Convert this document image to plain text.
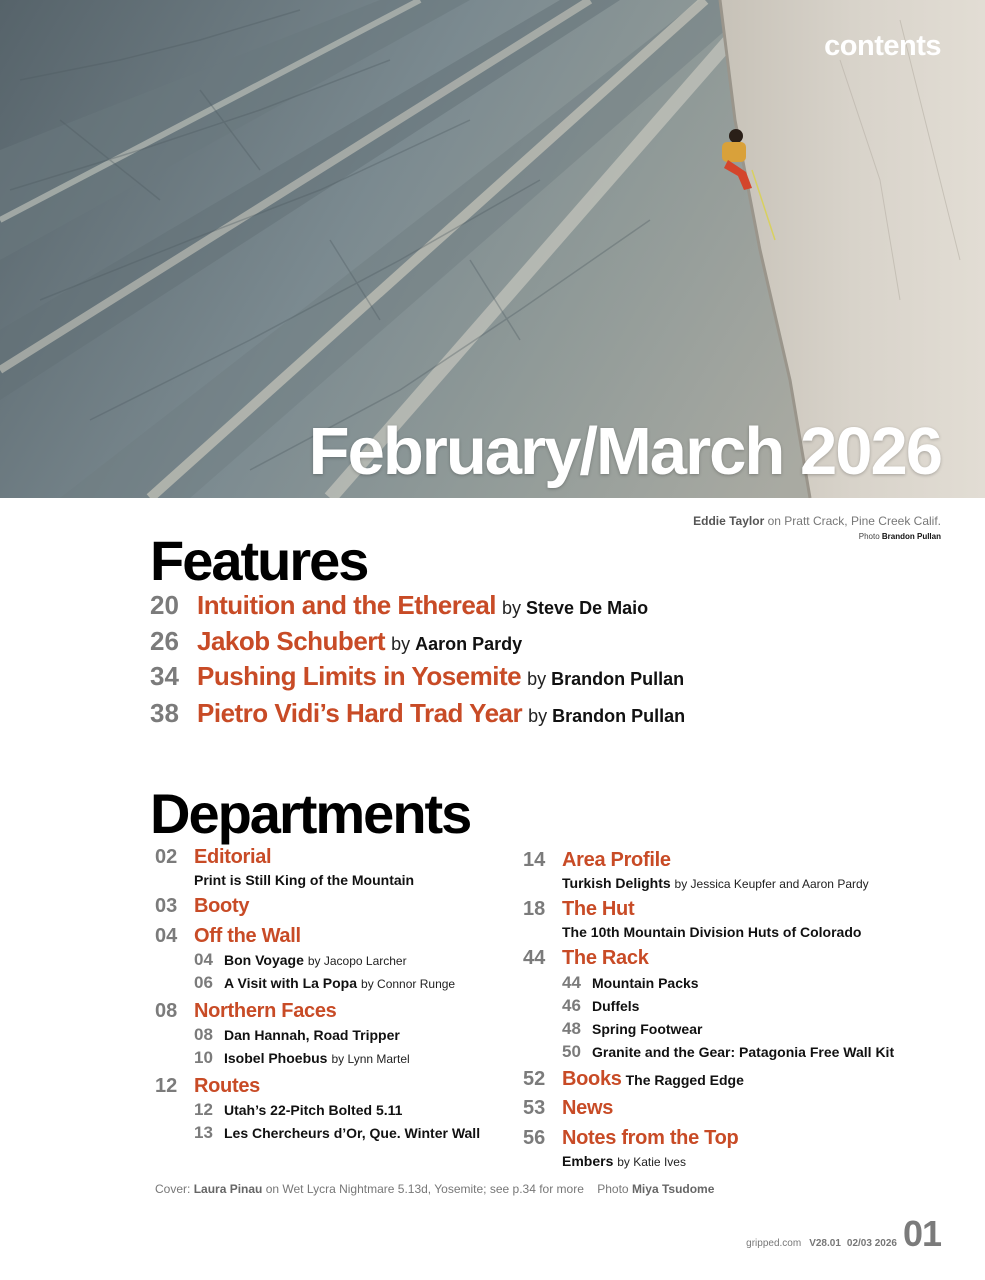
contents
February/March 2026
Eddie Taylor on Pratt Crack, Pine Creek Calif.
Photo Brandon Pullan
Features
20 Intuition and the Ethereal by Steve De Maio
26 Jakob Schubert by Aaron Pardy
34 Pushing Limits in Yosemite by Brandon Pullan
38 Pietro Vidi’s Hard Trad Year by Brandon Pullan
Departments
02 Editorial
Print is Still King of the Mountain
03 Booty
04 Off the Wall
04 Bon Voyage by Jacopo Larcher
06 A Visit with La Popa by Connor Runge
08 Northern Faces
08 Dan Hannah, Road Tripper
10 Isobel Phoebus by Lynn Martel
12 Routes
12 Utah’s 22-Pitch Bolted 5.11
13 Les Chercheurs d’Or, Que. Winter Wall
14 Area Profile
Turkish Delights by Jessica Keupfer and Aaron Pardy
18 The Hut
The 10th Mountain Division Huts of Colorado
44 The Rack
44 Mountain Packs
46 Duffels
48 Spring Footwear
50 Granite and the Gear: Patagonia Free Wall Kit
52 Books The Ragged Edge
53 News
56 Notes from the Top
Embers by Katie Ives
Cover: Laura Pinau on Wet Lycra Nightmare 5.13d, Yosemite; see p.34 for more Photo Miya Tsudome
gripped.com V28.01 02/03 2026 01
